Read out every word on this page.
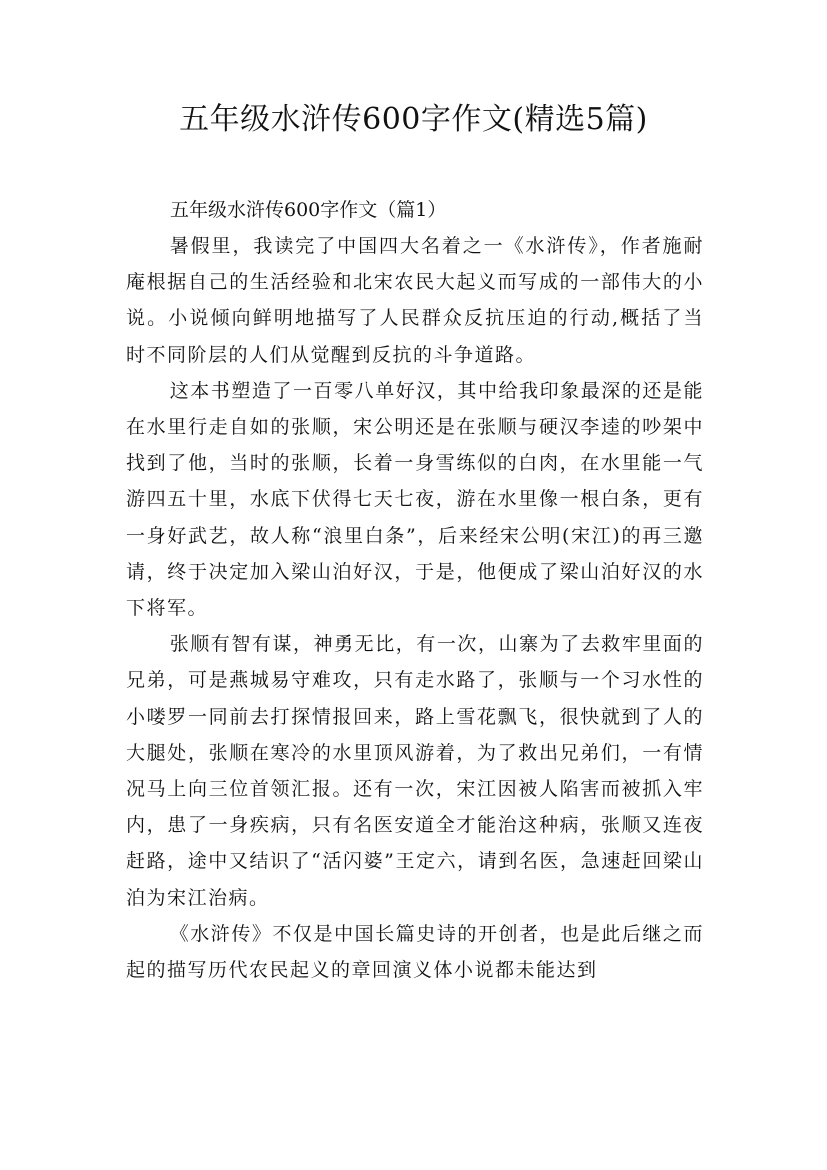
五年级水浒传600字作文(精选5篇)

五年级水浒传600字作文（篇1）

暑假里，我读完了中国四大名着之一《水浒传》，作者施耐庵根据自己的生活经验和北宋农民大起义而写成的一部伟大的小说。小说倾向鲜明地描写了人民群众反抗压迫的行动,概括了当时不同阶层的人们从觉醒到反抗的斗争道路。

这本书塑造了一百零八单好汉，其中给我印象最深的还是能在水里行走自如的张顺，宋公明还是在张顺与硬汉李逵的吵架中找到了他，当时的张顺，长着一身雪练似的白肉，在水里能一气游四五十里，水底下伏得七天七夜，游在水里像一根白条，更有一身好武艺，故人称“浪里白条”，后来经宋公明(宋江)的再三邀请，终于决定加入梁山泊好汉，于是，他便成了梁山泊好汉的水下将军。

张顺有智有谋，神勇无比，有一次，山寨为了去救牢里面的兄弟，可是燕城易守难攻，只有走水路了，张顺与一个习水性的小喽罗一同前去打探情报回来，路上雪花飘飞，很快就到了人的大腿处，张顺在寒冷的水里顶风游着，为了救出兄弟们，一有情况马上向三位首领汇报。还有一次，宋江因被人陷害而被抓入牢内，患了一身疾病，只有名医安道全才能治这种病，张顺又连夜赶路，途中又结识了“活闪婆”王定六，请到名医，急速赶回梁山泊为宋江治病。

《水浒传》不仅是中国长篇史诗的开创者，也是此后继之而起的描写历代农民起义的章回演义体小说都未能达到
